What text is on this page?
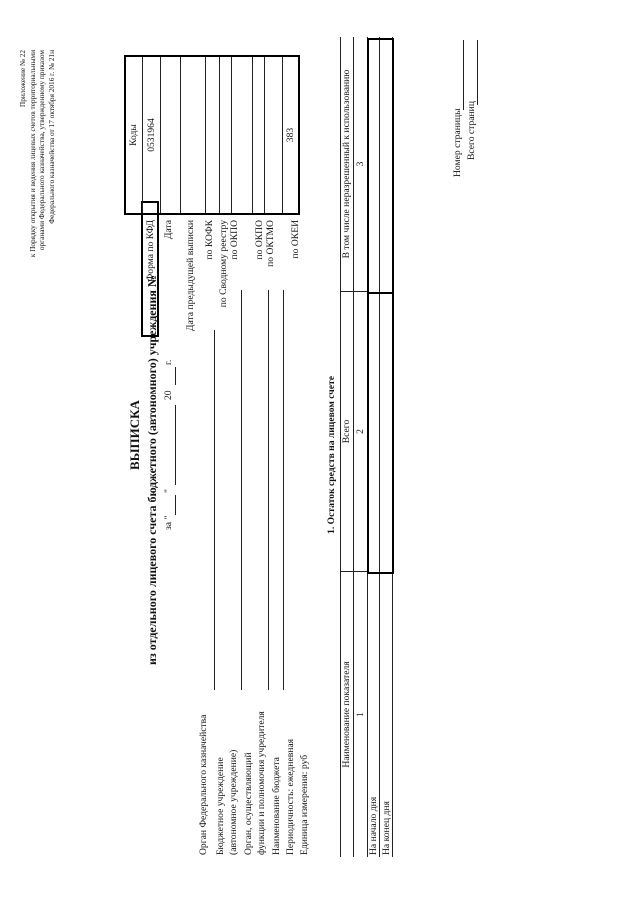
Приложение № 22 к Порядку открытия и ведения лицевых счетов территориальными органами Федерального казначейства, утвержденному приказом Федерального казначейства от 17 октября 2016 г. № 21н
ВЫПИСКА из отдельного лицевого счета бюджетного (автономного) учреждения № за "
"
20
г.
Орган Федерального казначейства Бюджетное учреждение (автономное учреждение) Орган, осуществляющий функции и полномочия учредителя Наименование бюджета Периодичность: ежедневная Единица измерения: руб
Форма по КФД Дата Дата предыдущей выписки по КОФК по Сводному реестру по ОКПО по ОКПО по ОКТМО по ОКЕИ
Коды 0531964	383
1. Остаток средств на лицевом счете
Наименование показателя
Всего
В том числе неразрешенный к использованию
1
2
3
На начало дня На конец дня
Номер страницы Всего страниц
